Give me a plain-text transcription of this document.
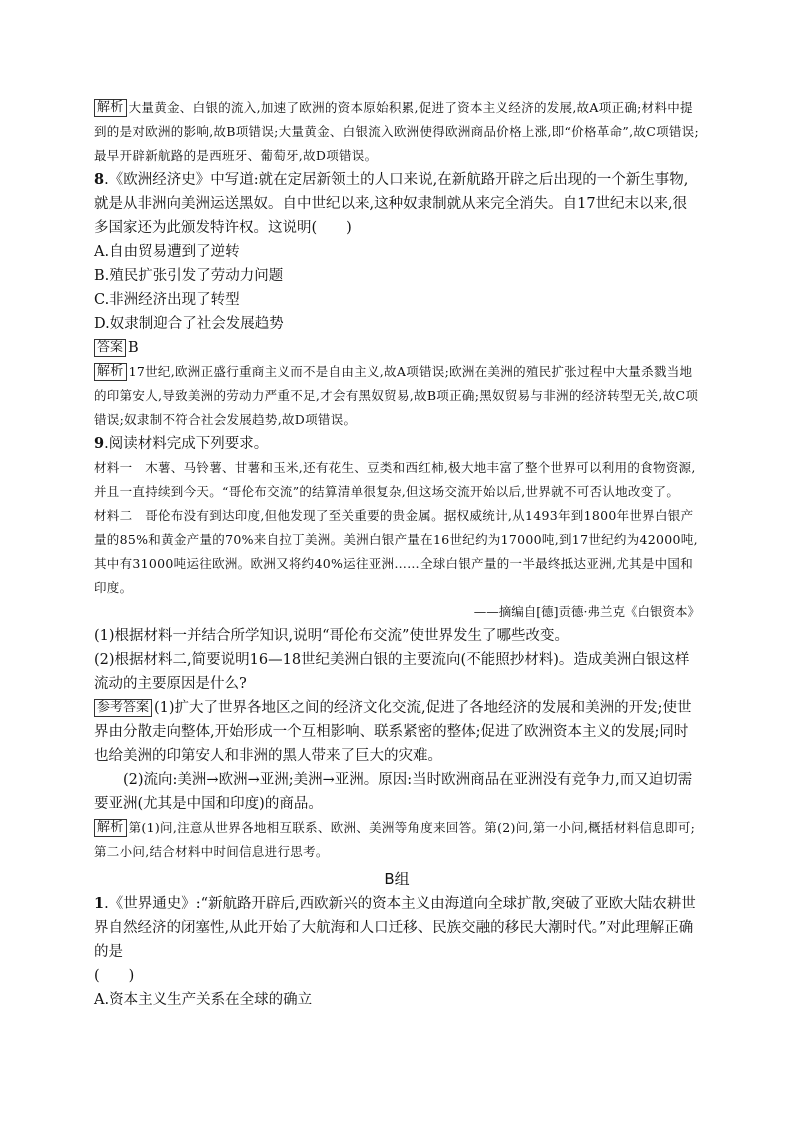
解析 大量黄金、白银的流入,加速了欧洲的资本原始积累,促进了资本主义经济的发展,故A项正确;材料中提到的是对欧洲的影响,故B项错误;大量黄金、白银流入欧洲使得欧洲商品价格上涨,即“价格革命”,故C项错误;最早开辟新航路的是西班牙、葡萄牙,故D项错误。

8.《欧洲经济史》中写道:就在定居新领土的人口来说,在新航路开辟之后出现的一个新生事物,就是从非洲向美洲运送黑奴。自中世纪以来,这种奴隶制就从来完全消失。自17世纪末以来,很多国家还为此颁发特许权。这说明(　　)

A.自由贸易遭到了逆转

B.殖民扩张引发了劳动力问题

C.非洲经济出现了转型

D.奴隶制迎合了社会发展趋势

答案 B

解析 17世纪,欧洲正盛行重商主义而不是自由主义,故A项错误;欧洲在美洲的殖民扩张过程中大量杀戮当地的印第安人,导致美洲的劳动力严重不足,才会有黑奴贸易,故B项正确;黑奴贸易与非洲的经济转型无关,故C项错误;奴隶制不符合社会发展趋势,故D项错误。

9.阅读材料完成下列要求。

材料一　木薯、马铃薯、甘薯和玉米,还有花生、豆类和西红柿,极大地丰富了整个世界可以利用的食物资源,并且一直持续到今天。“哥伦布交流”的结算清单很复杂,但这场交流开始以后,世界就不可否认地改变了。

材料二　哥伦布没有到达印度,但他发现了至关重要的贵金属。据权威统计,从1493年到1800年世界白银产量的85%和黄金产量的70%来自拉丁美洲。美洲白银产量在16世纪约为17000吨,到17世纪约为42000吨,其中有31000吨运往欧洲。欧洲又将约40%运往亚洲……全球白银产量的一半最终抵达亚洲,尤其是中国和印度。

——摘编自[德]贡德·弗兰克《白银资本》

(1)根据材料一并结合所学知识,说明“哥伦布交流”使世界发生了哪些改变。

(2)根据材料二,简要说明16—18世纪美洲白银的主要流向(不能照抄材料)。造成美洲白银这样流动的主要原因是什么?

参考答案 (1)扩大了世界各地区之间的经济文化交流,促进了各地经济的发展和美洲的开发;使世界由分散走向整体,开始形成一个互相影响、联系紧密的整体;促进了欧洲资本主义的发展;同时也给美洲的印第安人和非洲的黑人带来了巨大的灾难。

(2)流向:美洲→欧洲→亚洲;美洲→亚洲。原因:当时欧洲商品在亚洲没有竞争力,而又迫切需要亚洲(尤其是中国和印度)的商品。

解析 第(1)问,注意从世界各地相互联系、欧洲、美洲等角度来回答。第(2)问,第一小问,概括材料信息即可;第二小问,结合材料中时间信息进行思考。

B组

1.《世界通史》:“新航路开辟后,西欧新兴的资本主义由海道向全球扩散,突破了亚欧大陆农耕世界自然经济的闭塞性,从此开始了大航海和人口迁移、民族交融的移民大潮时代。”对此理解正确的是

(　　)

A.资本主义生产关系在全球的确立
